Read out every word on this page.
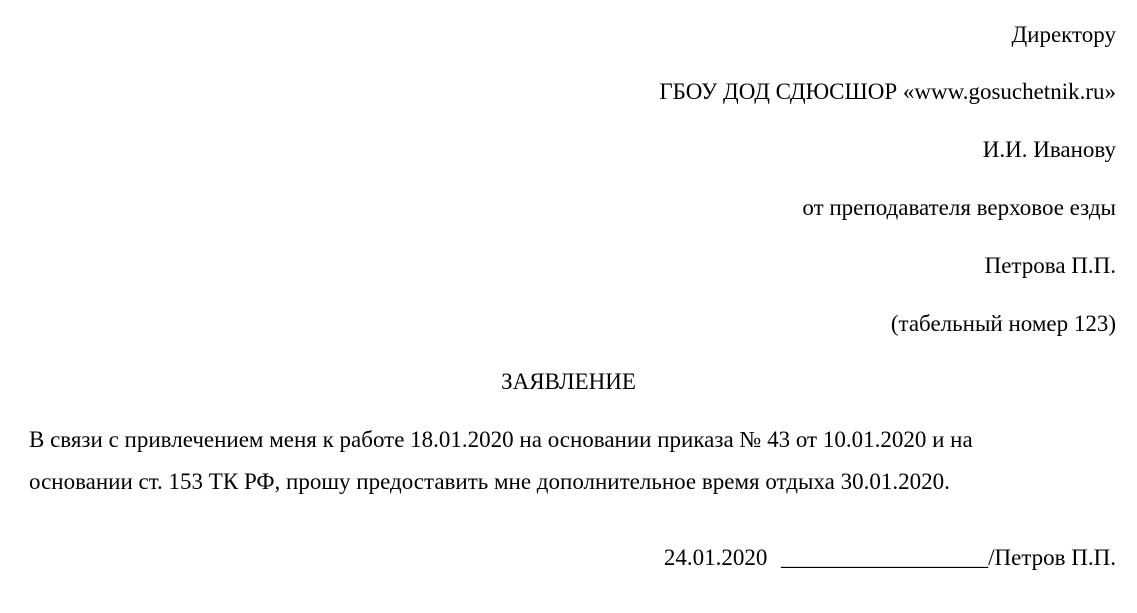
Директору
ГБОУ ДОД СДЮСШОР «www.gosuchetnik.ru»
И.И. Иванову
от преподавателя верховое езды
Петрова П.П.
(табельный номер 123)
ЗАЯВЛЕНИЕ
В связи с привлечением меня к работе 18.01.2020 на основании приказа № 43 от 10.01.2020 и на
основании ст. 153 ТК РФ, прошу предоставить мне дополнительное время отдыха 30.01.2020.
24.01.2020 __________________/Петров П.П.
